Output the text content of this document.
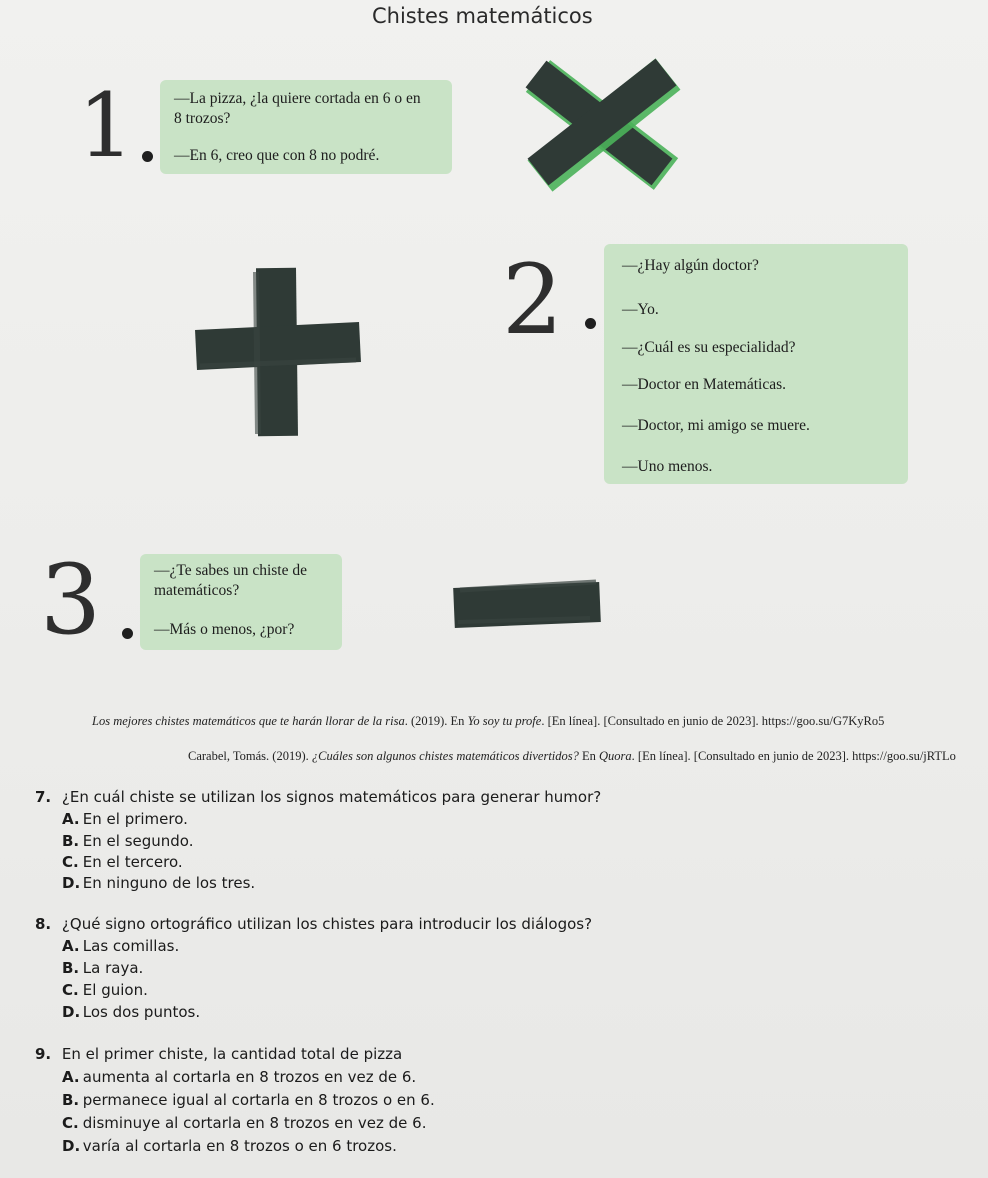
Chistes matemáticos
1	—La pizza, ¿la quiere cortada en 6 o en

8 trozos?

—En 6, creo que con 8 no podré.

2	—¿Hay algún doctor?

—Yo.

—¿Cuál es su especialidad?

—Doctor en Matemáticas.

—Doctor, mi amigo se muere.

—Uno menos.

3	—¿Te sabes un chiste de

matemáticos?

—Más o menos, ¿por?

Los mejores chistes matemáticos que te harán llorar de la risa. (2019). En Yo soy tu profe. [En línea]. [Consultado en junio de 2023]. https://goo.su/G7KyRo5
Carabel, Tomás. (2019). ¿Cuáles son algunos chistes matemáticos divertidos? En Quora. [En línea]. [Consultado en junio de 2023]. https://goo.su/jRTLo
7. ¿En cuál chiste se utilizan los signos matemáticos para generar humor?
A. En el primero.
B. En el segundo.
C. En el tercero.
D. En ninguno de los tres.
8. ¿Qué signo ortográfico utilizan los chistes para introducir los diálogos?
A. Las comillas.
B. La raya.
C. El guion.
D. Los dos puntos.
9. En el primer chiste, la cantidad total de pizza
A. aumenta al cortarla en 8 trozos en vez de 6.
B. permanece igual al cortarla en 8 trozos o en 6.
C. disminuye al cortarla en 8 trozos en vez de 6.
D. varía al cortarla en 8 trozos o en 6 trozos.
